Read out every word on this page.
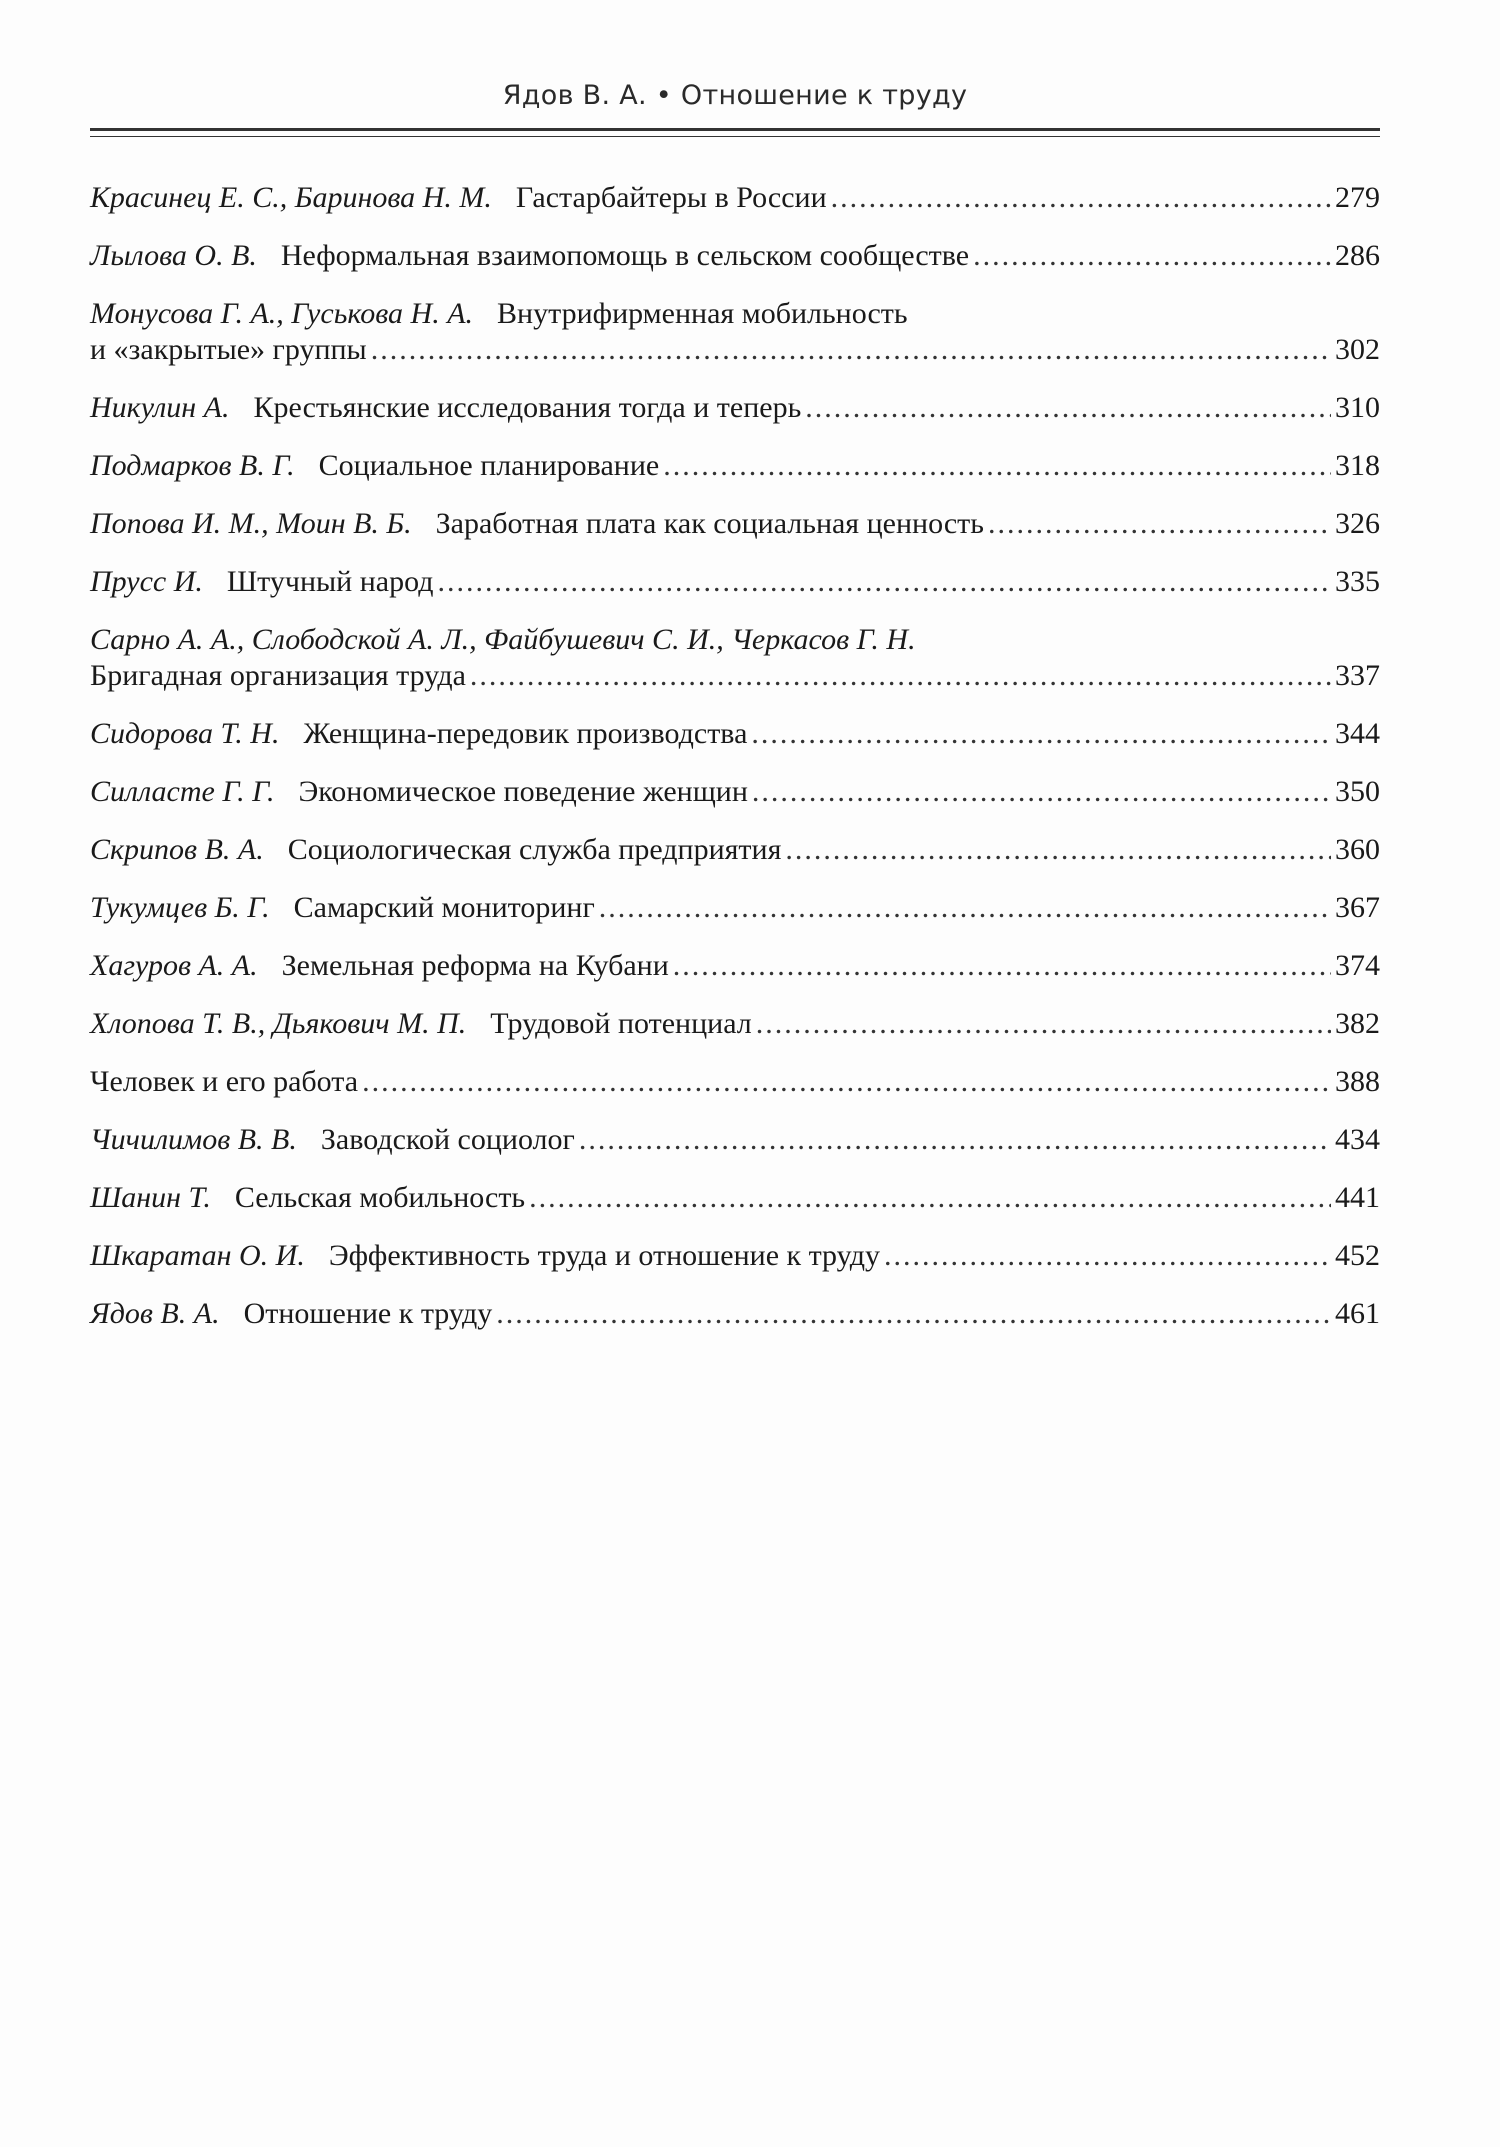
Ядов В. А. • Отношение к труду
Красинец Е. С., Баринова Н. М. Гастарбайтеры в России .....	279
Лылова О. В. Неформальная взаимопомощь в сельском сообществе .....	286
Монусова Г. А., Гуськова Н. А. Внутрифирменная мобильность
и «закрытые» группы .....	302
Никулин А. Крестьянские исследования тогда и теперь .....	310
Подмарков В. Г. Социальное планирование .....	318
Попова И. М., Моин В. Б. Заработная плата как социальная ценность .....	326
Прусс И. Штучный народ .....	335
Сарно А. А., Слободской А. Л., Файбушевич С. И., Черкасов Г. Н.
Бригадная организация труда .....	337
Сидорова Т. Н. Женщина-передовик производства .....	344
Силласте Г. Г. Экономическое поведение женщин .....	350
Скрипов В. А. Социологическая служба предприятия .....	360
Тукумцев Б. Г. Самарский мониторинг .....	367
Хагуров А. А. Земельная реформа на Кубани .....	374
Хлопова Т. В., Дьякович М. П. Трудовой потенциал .....	382
Человек и его работа .....	388
Чичилимов В. В. Заводской социолог .....	434
Шанин Т. Сельская мобильность .....	441
Шкаратан О. И. Эффективность труда и отношение к труду .....	452
Ядов В. А. Отношение к труду .....	461
